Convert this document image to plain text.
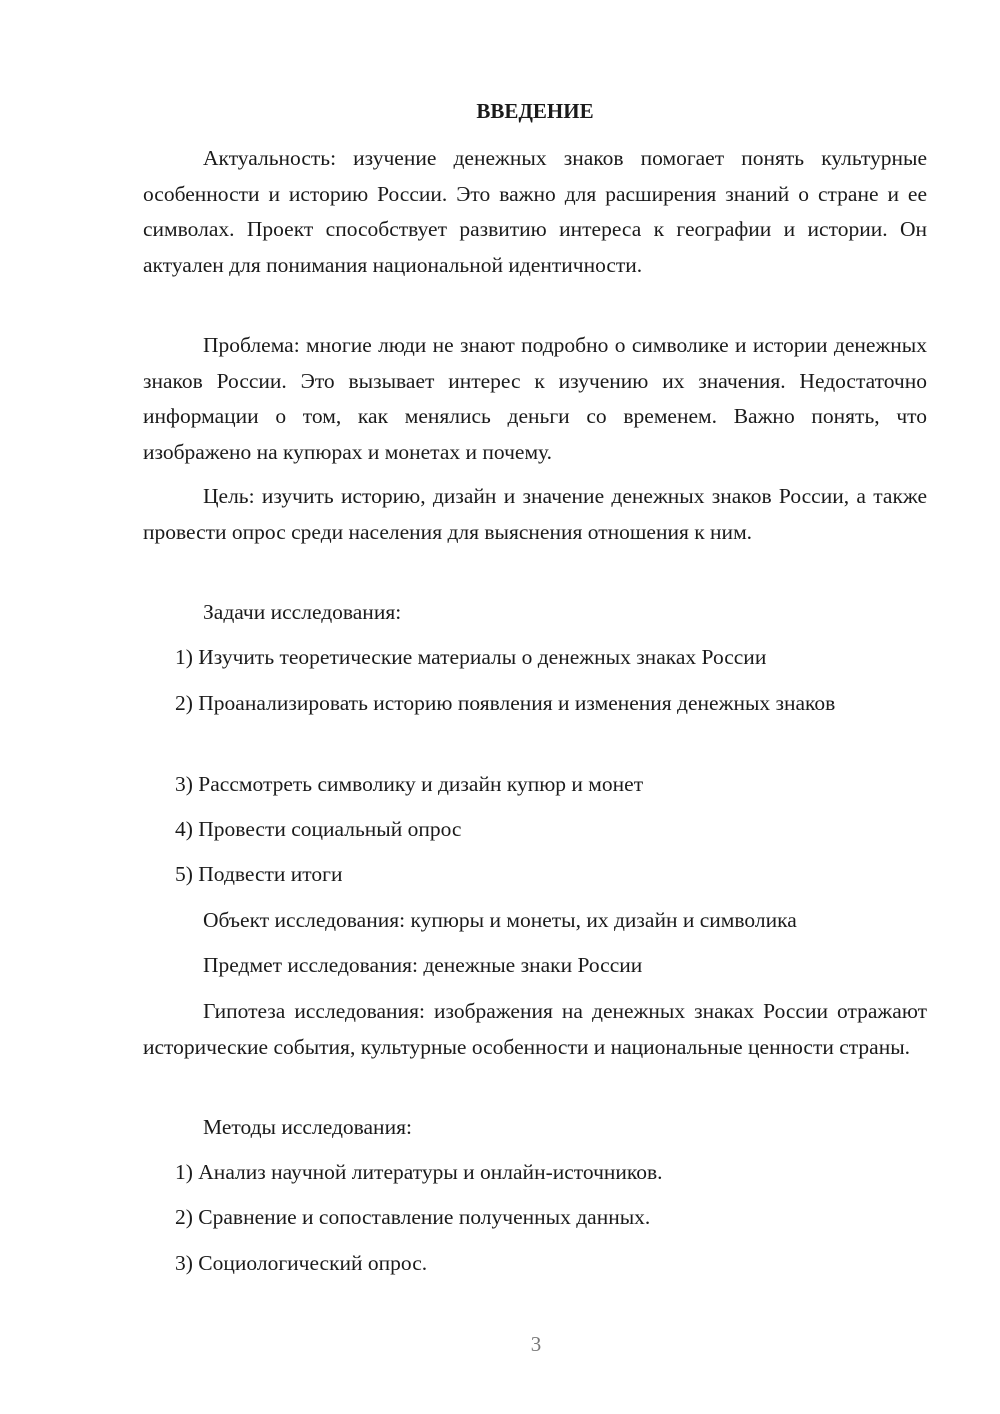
ВВЕДЕНИЕ

Актуальность: изучение денежных знаков помогает понять культурные особенности и историю России. Это важно для расширения знаний о стране и ее символах. Проект способствует развитию интереса к географии и истории. Он актуален для понимания национальной идентичности.

Проблема: многие люди не знают подробно о символике и истории денежных знаков России. Это вызывает интерес к изучению их значения. Недостаточно информации о том, как менялись деньги со временем. Важно понять, что изображено на купюрах и монетах и почему.

Цель: изучить историю, дизайн и значение денежных знаков России, а также провести опрос среди населения для выяснения отношения к ним.

Задачи исследования:

1) Изучить теоретические материалы о денежных знаках России

2) Проанализировать историю появления и изменения денежных знаков

3) Рассмотреть символику и дизайн купюр и монет

4) Провести социальный опрос

5) Подвести итоги

Объект исследования: купюры и монеты, их дизайн и символика

Предмет исследования: денежные знаки России

Гипотеза исследования: изображения на денежных знаках России отражают исторические события, культурные особенности и национальные ценности страны.

Методы исследования:

1) Анализ научной литературы и онлайн-источников.

2) Сравнение и сопоставление полученных данных.

3) Социологический опрос.

3
